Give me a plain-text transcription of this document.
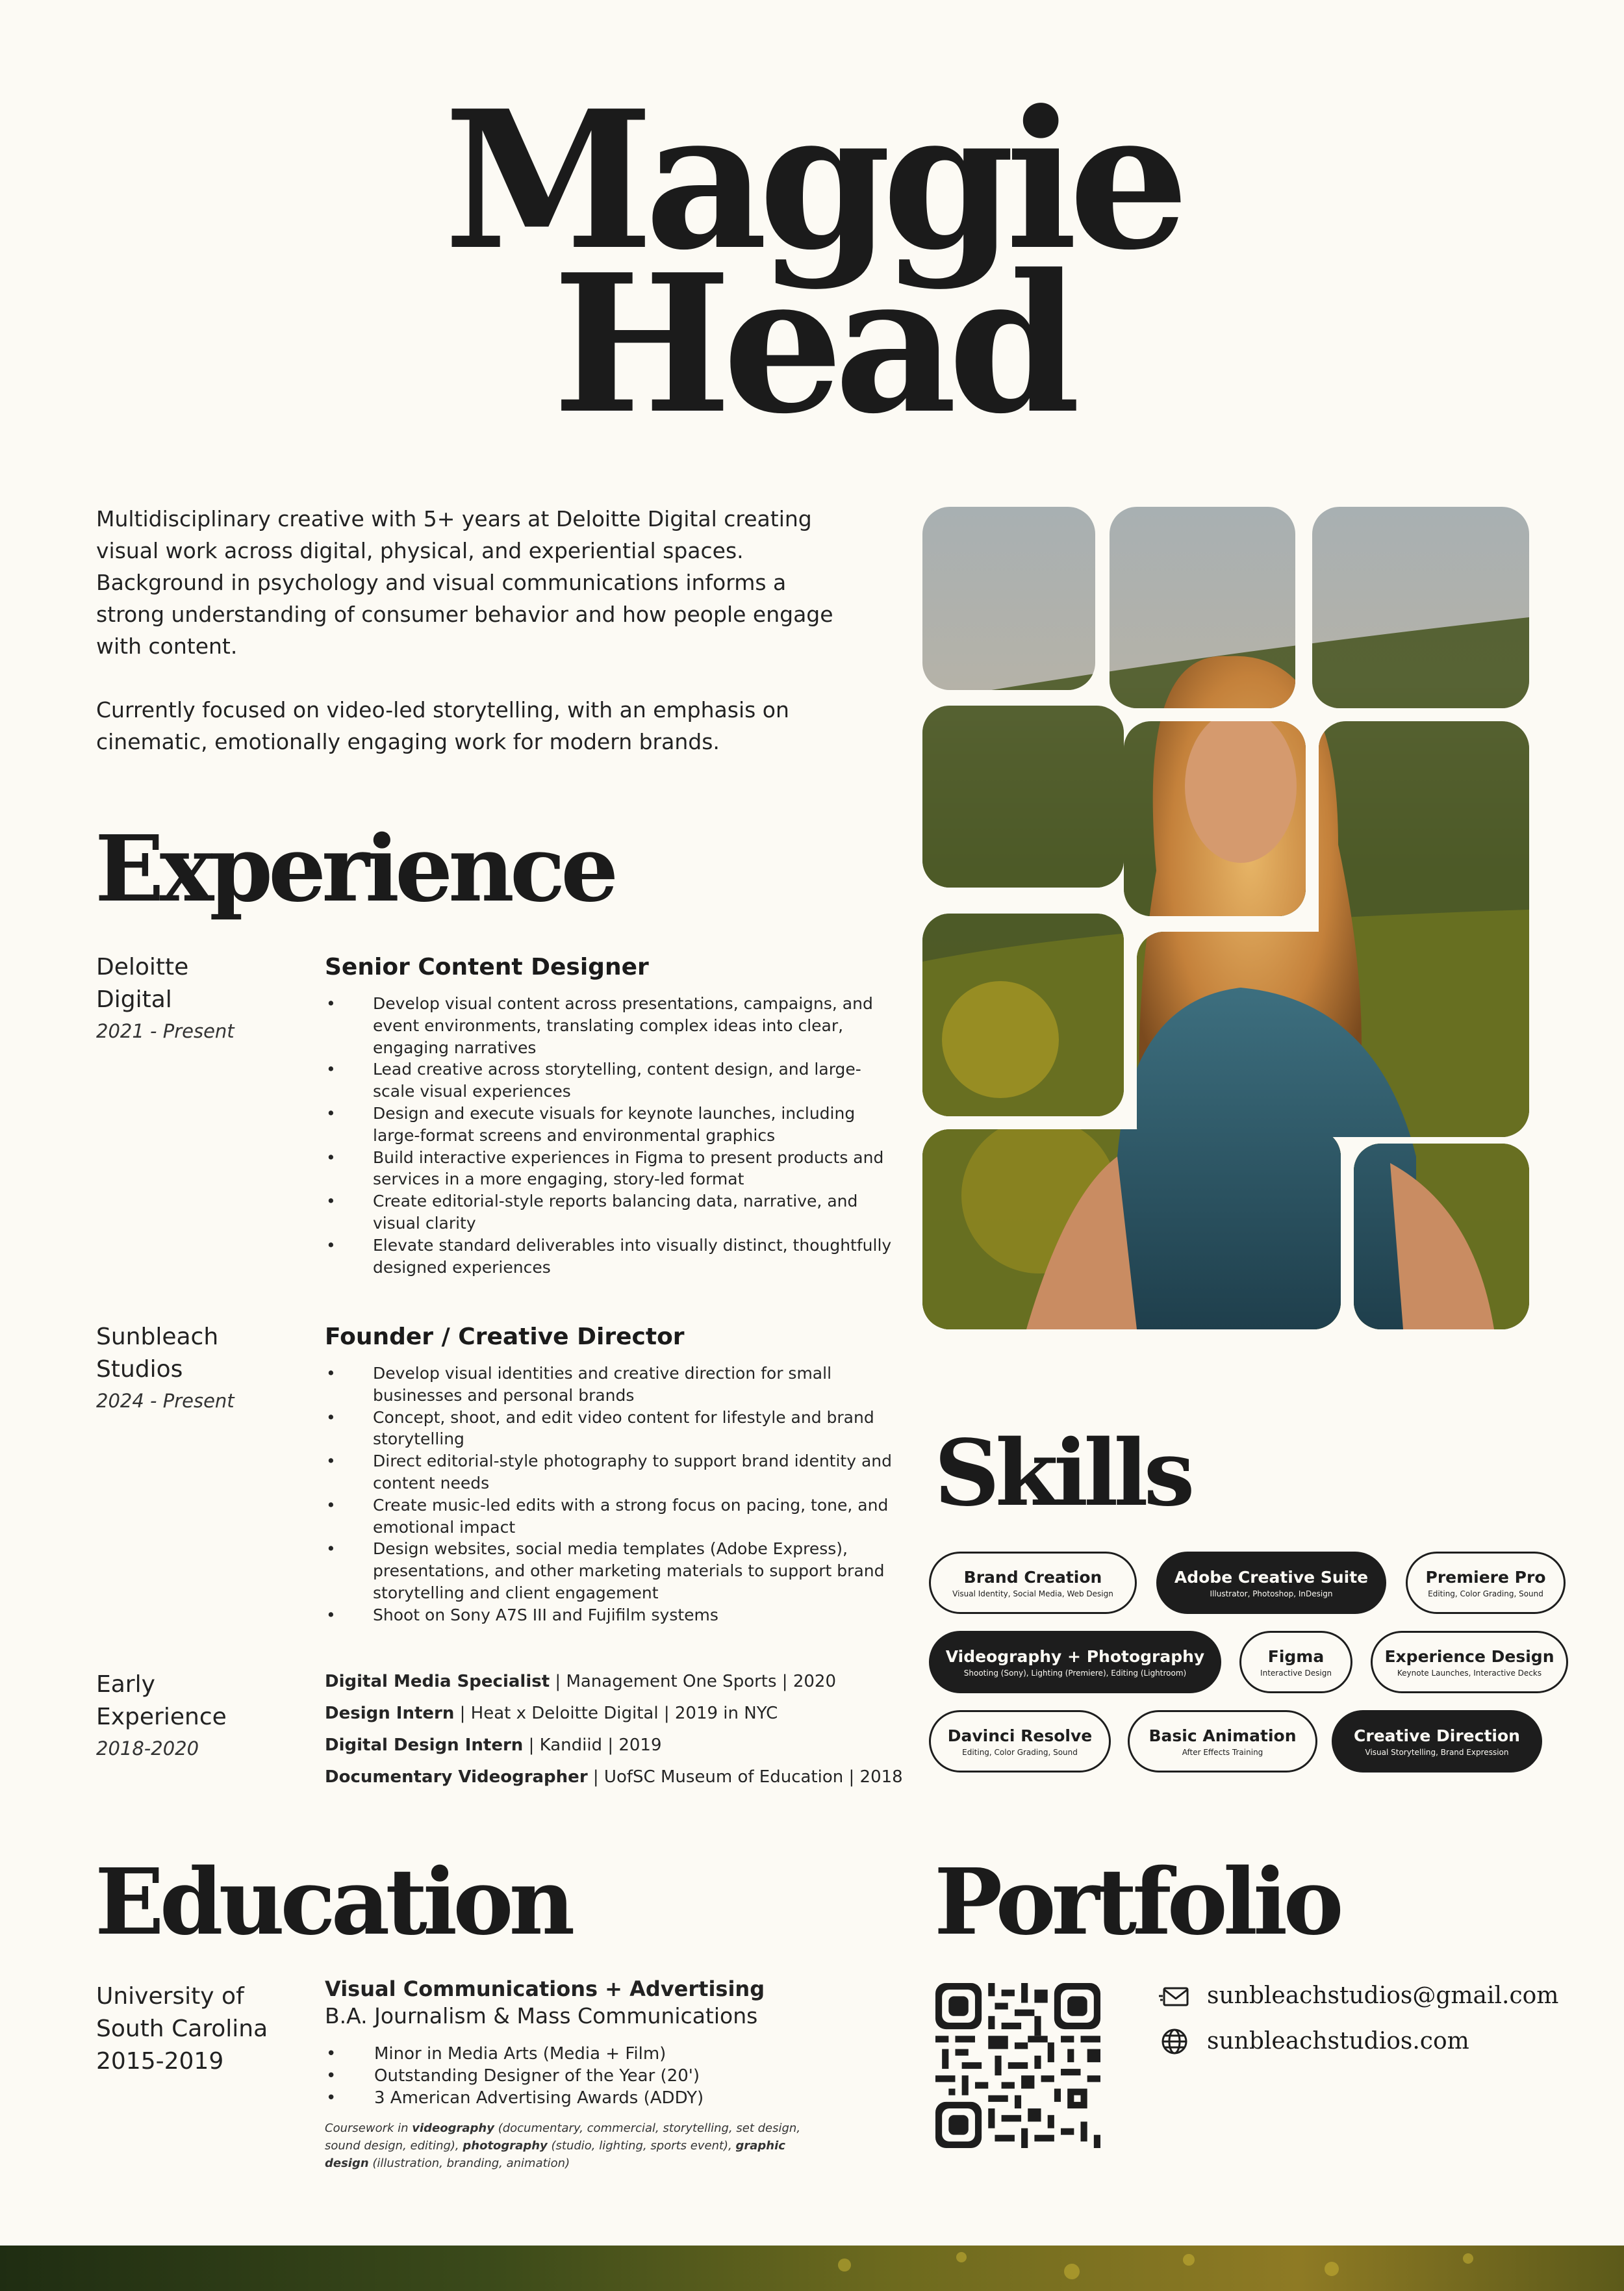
Maggie
Head

Multidisciplinary creative with 5+ years at Deloitte Digital creating visual work across digital, physical, and experiential spaces. Background in psychology and visual communications informs a strong understanding of consumer behavior and how people engage with content.

Currently focused on video-led storytelling, with an emphasis on cinematic, emotionally engaging work for modern brands.

Experience
Deloitte
Digital
2021 - Present
Senior Content Designer
• Develop visual content across presentations, campaigns, and event environments, translating complex ideas into clear, engaging narratives
• Lead creative across storytelling, content design, and large-scale visual experiences
• Design and execute visuals for keynote launches, including large-format screens and environmental graphics
• Build interactive experiences in Figma to present products and services in a more engaging, story-led format
• Create editorial-style reports balancing data, narrative, and visual clarity
• Elevate standard deliverables into visually distinct, thoughtfully designed experiences
Sunbleach
Studios
2024 - Present
Founder / Creative Director
• Develop visual identities and creative direction for small businesses and personal brands
• Concept, shoot, and edit video content for lifestyle and brand storytelling
• Direct editorial-style photography to support brand identity and content needs
• Create music-led edits with a strong focus on pacing, tone, and emotional impact
• Design websites, social media templates (Adobe Express), presentations, and other marketing materials to support brand storytelling and client engagement
• Shoot on Sony A7S III and Fujifilm systems
Early
Experience
2018-2020
Digital Media Specialist | Management One Sports | 2020
Design Intern | Heat x Deloitte Digital | 2019 in NYC
Digital Design Intern | Kandiid | 2019
Documentary Videographer | UofSC Museum of Education | 2018
Skills
Brand Creation
Visual Identity, Social Media, Web Design
Adobe Creative Suite
Illustrator, Photoshop, InDesign
Premiere Pro
Editing, Color Grading, Sound
Videography + Photography
Shooting (Sony), Lighting (Premiere), Editing (Lightroom)
Figma
Interactive Design
Experience Design
Keynote Launches, Interactive Decks
Davinci Resolve
Editing, Color Grading, Sound
Basic Animation
After Effects Training
Creative Direction
Visual Storytelling, Brand Expression
Education
University of
South Carolina
2015-2019
Visual Communications + Advertising
B.A. Journalism & Mass Communications
• Minor in Media Arts (Media + Film)
• Outstanding Designer of the Year (20')
• 3 American Advertising Awards (ADDY)
Coursework in videography (documentary, commercial, storytelling, set design, sound design, editing), photography (studio, lighting, sports event), graphic design (illustration, branding, animation)
Portfolio
sunbleachstudios@gmail.com
sunbleachstudios.com
